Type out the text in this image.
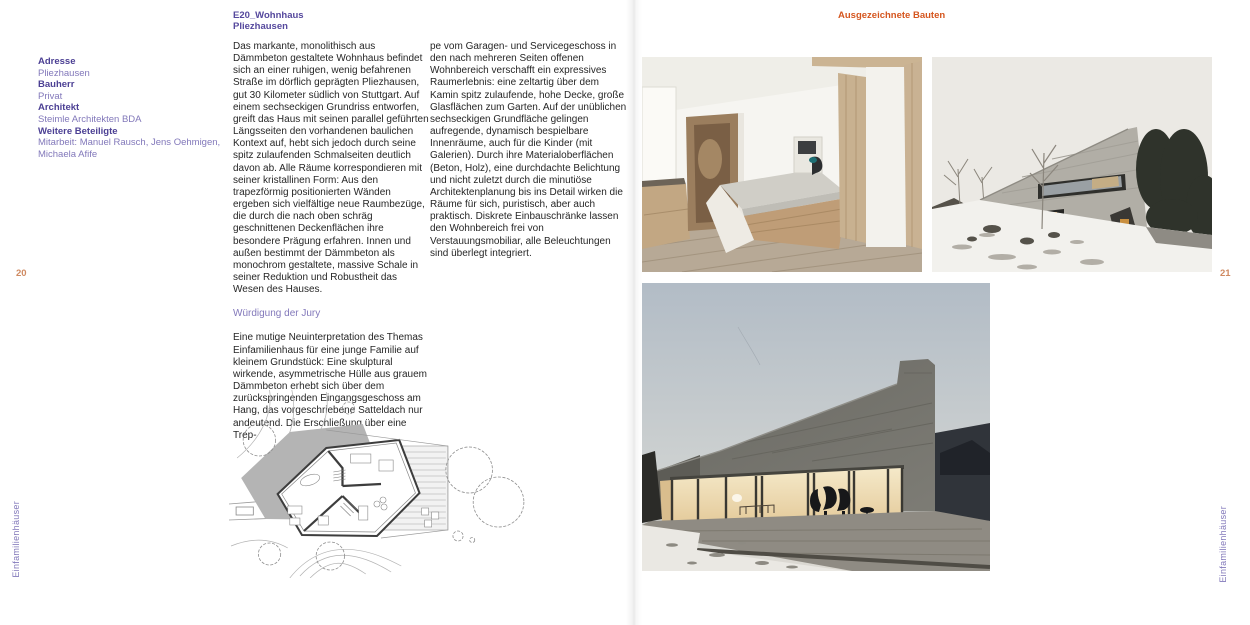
E20_Wohnhaus
Pliezhausen
Ausgezeichnete Bauten
Adresse
Pliezhausen
Bauherr
Privat
Architekt
Steimle Architekten BDA
Weitere Beteiligte
Mitarbeit: Manuel Rausch, Jens Oehmigen, Michaela Afife
20	21
Einfamilienhäuser	Einfamilienhäuser

Das markante, monolithisch aus Dämmbeton gestaltete Wohnhaus befindet sich an einer ruhigen, wenig befahrenen Straße im dörflich geprägten Pliezhausen, gut 30 Kilometer südlich von Stuttgart. Auf einem sechseckigen Grundriss entworfen, greift das Haus mit seinen parallel geführten Längsseiten den vorhandenen baulichen Kontext auf, hebt sich jedoch durch seine spitz zulaufenden Schmalseiten deutlich davon ab. Alle Räume korrespondieren mit seiner kristallinen Form: Aus den trapezförmig positionierten Wänden ergeben sich vielfältige neue Raumbezüge, die durch die nach oben schräg geschnittenen Deckenflächen ihre besondere Prägung erfahren. Innen und außen bestimmt der Dämmbeton als monochrom gestaltete, massive Schale in seiner Reduktion und Robustheit das Wesen des Hauses.

Würdigung der Jury

Eine mutige Neuinterpretation des Themas Einfamilienhaus für eine junge Familie auf kleinem Grundstück: Eine skulptural wirkende, asymmetrische Hülle aus grauem Dämmbeton erhebt sich über dem zurückspringenden Eingangsgeschoss am Hang, das vorgeschriebene Satteldach nur andeutend. Die Erschließung über eine Trep-

pe vom Garagen- und Servicegeschoss in den nach mehreren Seiten offenen Wohnbereich verschafft ein expressives Raumerlebnis: eine zeltartig über dem Kamin spitz zulaufende, hohe Decke, große Glasflächen zum Garten. Auf der unüblichen sechseckigen Grundfläche gelingen aufregende, dynamisch bespielbare Innenräume, auch für die Kinder (mit Galerien). Durch ihre Materialoberflächen (Beton, Holz), eine durchdachte Belichtung und nicht zuletzt durch die minutiöse Architektenplanung bis ins Detail wirken die Räume für sich, puristisch, aber auch praktisch. Diskrete Einbauschränke lassen den Wohnbereich frei von Verstauungsmobiliar, alle Beleuchtungen sind überlegt integriert.
